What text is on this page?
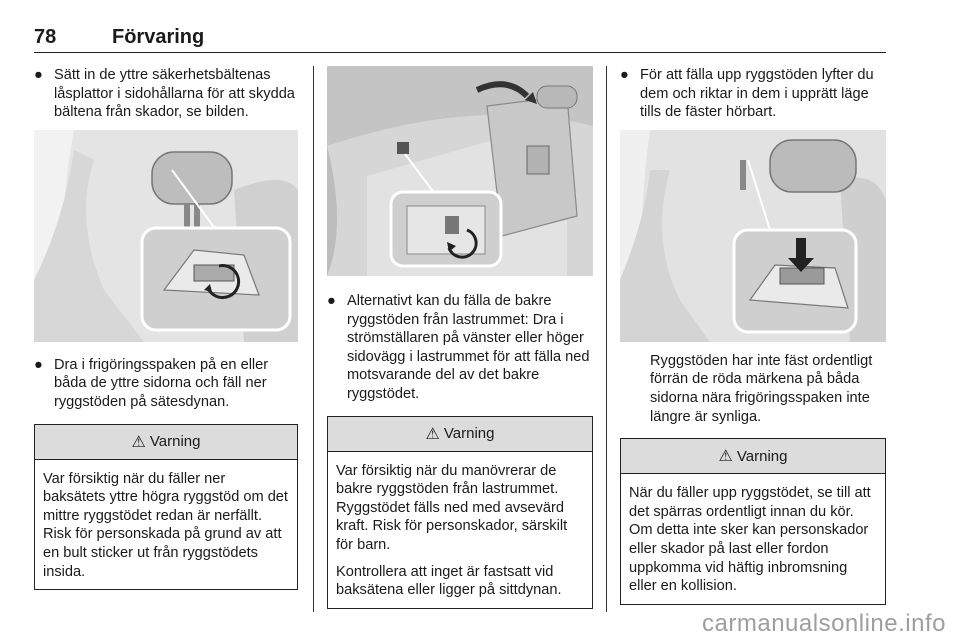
78	Förvaring

● Sätt in de yttre säkerhetsbältenas låsplattor i sidohållarna för att skydda bältena från skador, se bilden.

● Dra i frigöringsspaken på en eller båda de yttre sidorna och fäll ner ryggstöden på sätesdynan.

⚠ Varning

Var försiktig när du fäller ner baksätets yttre högra ryggstöd om det mittre ryggstödet redan är nerfällt. Risk för personskada på grund av att en bult sticker ut från ryggstödets insida.

● Alternativt kan du fälla de bakre ryggstöden från lastrummet: Dra i strömställaren på vänster eller höger sidovägg i lastrummet för att fälla ned motsvarande del av det bakre ryggstödet.

⚠ Varning

Var försiktig när du manövrerar de bakre ryggstöden från lastrummet. Ryggstödet fälls ned med avsevärd kraft. Risk för personskador, särskilt för barn.

Kontrollera att inget är fastsatt vid baksätena eller ligger på sittdynan.

● För att fälla upp ryggstöden lyfter du dem och riktar in dem i upprätt läge tills de fäster hörbart.

Ryggstöden har inte fäst ordentligt förrän de röda märkena på båda sidorna nära frigöringsspaken inte längre är synliga.

⚠ Varning

När du fäller upp ryggstödet, se till att det spärras ordentligt innan du kör. Om detta inte sker kan personskador eller skador på last eller fordon uppkomma vid häftig inbromsning eller en kollision.

carmanualsonline.info
